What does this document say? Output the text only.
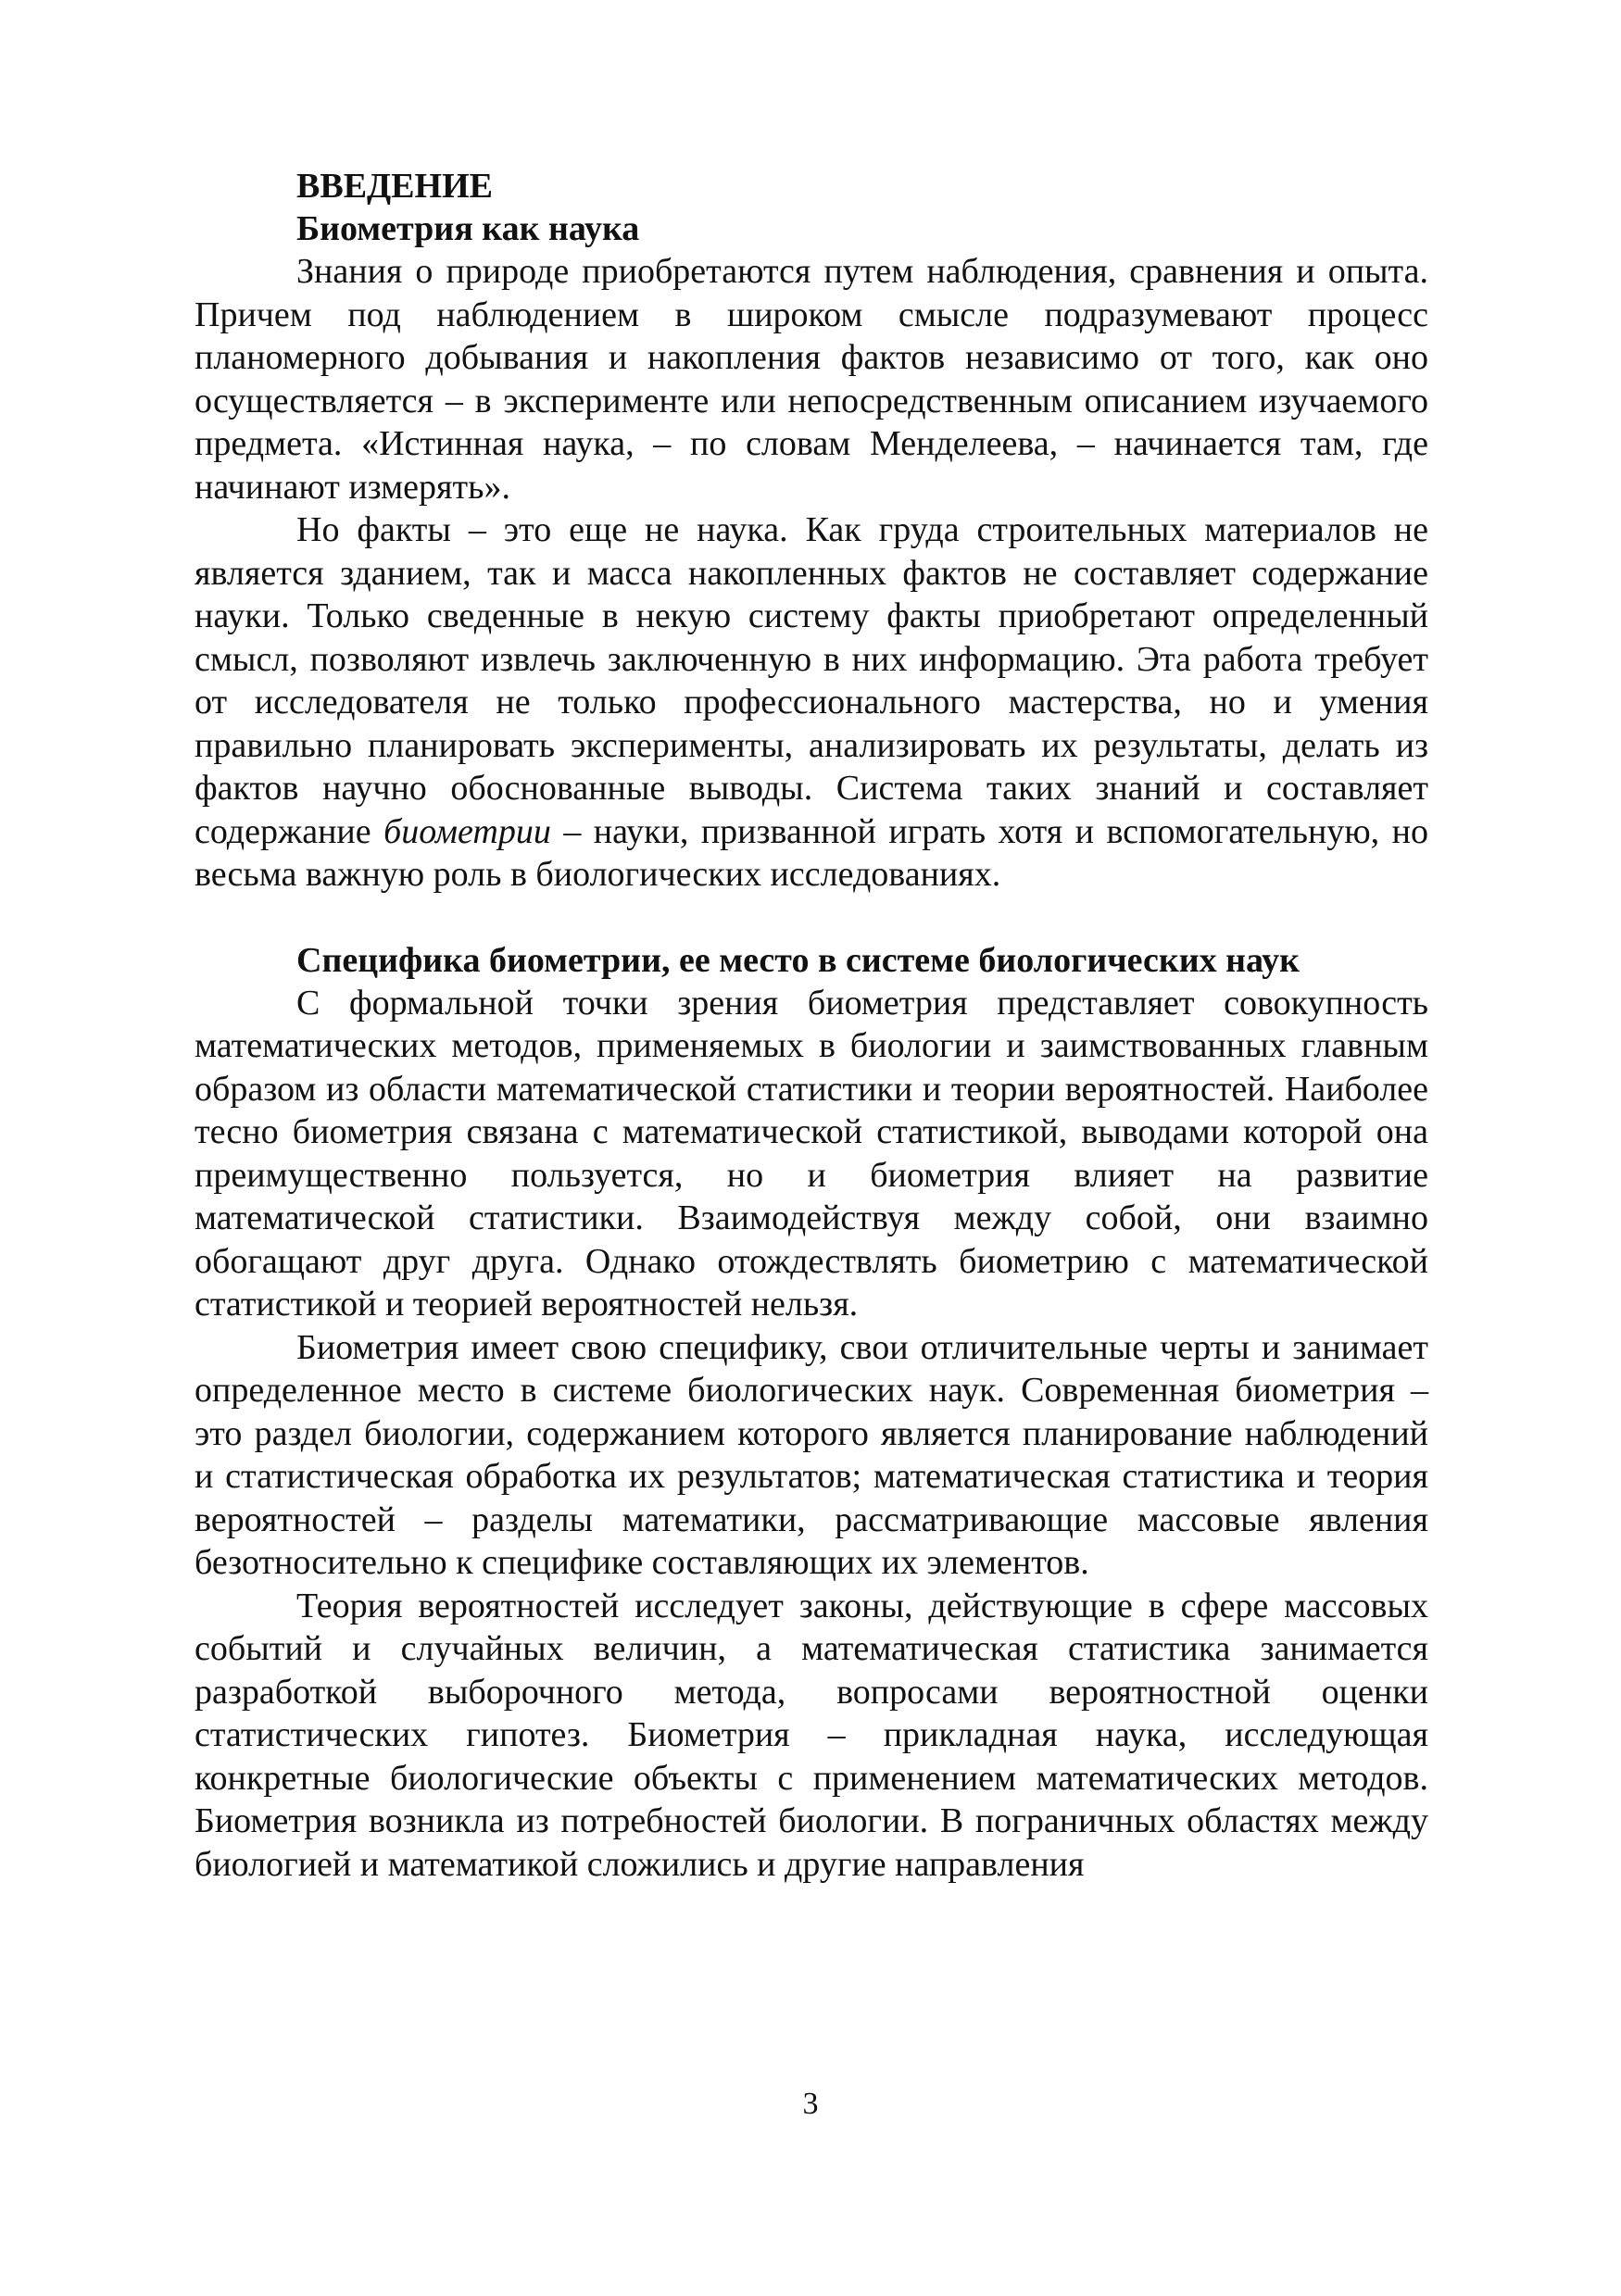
ВВЕДЕНИЕ
Биометрия как наука

Знания о природе приобретаются путем наблюдения, сравнения и опыта. Причем под наблюдением в широком смысле подразумевают процесс планомерного добывания и накопления фактов независимо от того, как оно осуществляется – в эксперименте или непосредственным описанием изучаемого предмета. «Истинная наука, – по словам Менделеева, – начинается там, где начинают измерять».

Но факты – это еще не наука. Как груда строительных материалов не является зданием, так и масса накопленных фактов не составляет содержание науки. Только сведенные в некую систему факты приобретают определенный смысл, позволяют извлечь заключенную в них информацию. Эта работа требует от исследователя не только профессионального мастерства, но и умения правильно планировать эксперименты, анализировать их результаты, делать из фактов научно обоснованные выводы. Система таких знаний и составляет содержание биометрии – науки, призванной играть хотя и вспомогательную, но весьма важную роль в биологических исследованиях.

Специфика биометрии, ее место в системе биологических наук

С формальной точки зрения биометрия представляет совокупность математических методов, применяемых в биологии и заимствованных главным образом из области математической статистики и теории вероятностей. Наиболее тесно биометрия связана с математической статистикой, выводами которой она преимущественно пользуется, но и биометрия влияет на развитие математической статистики. Взаимодействуя между собой, они взаимно обогащают друг друга. Однако отождествлять биометрию с математической статистикой и теорией вероятностей нельзя.

Биометрия имеет свою специфику, свои отличительные черты и занимает определенное место в системе биологических наук. Современная биометрия – это раздел биологии, содержанием которого является планирование наблюдений и статистическая обработка их результатов; математическая статистика и теория вероятностей – разделы математики, рассматривающие массовые явления безотносительно к специфике составляющих их элементов.

Теория вероятностей исследует законы, действующие в сфере массовых событий и случайных величин, а математическая статистика занимается разработкой выборочного метода, вопросами вероятностной оценки статистических гипотез. Биометрия – прикладная наука, исследующая конкретные биологические объекты с применением математических методов. Биометрия возникла из потребностей биологии. В пограничных областях между биологией и математикой сложились и другие направления

3
